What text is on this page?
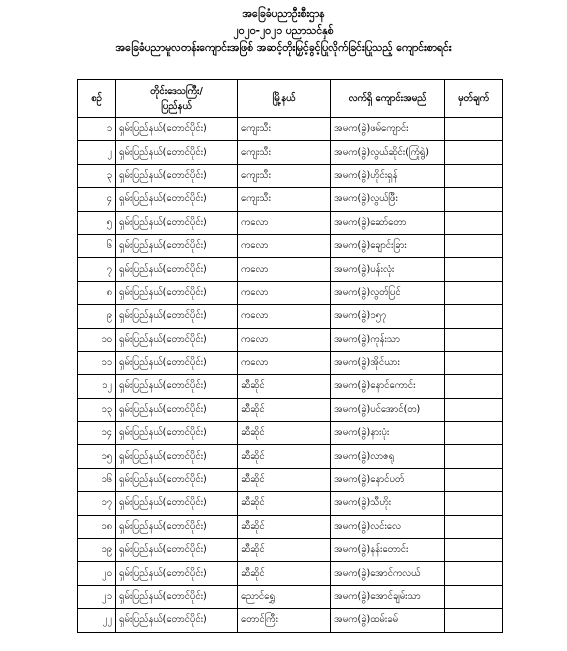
အခြေခံပညာဦးစီးဌာန
၂၀၂၀-၂၀၂၁ ပညာသင်နှစ်
အခြေခံပညာမူလတန်းကျောင်းအဖြစ် အဆင့်တိုးမြှင့်ခွင့်ပြုလိုက်ခြင်းပြုသည့် ကျောင်းစာရင်း
စဉ်	တိုင်းဒေသကြီး/
ပြည်နယ်	မြို့နယ်	လက်ရှိ ကျောင်းအမည်	မှတ်ချက်
၁	ရှမ်းပြည်နယ်(တောင်ပိုင်း)	ကျေးသီး	အမက(ခွဲ)ဖမ်ကျောင်း	
၂	ရှမ်းပြည်နယ်(တောင်ပိုင်း)	ကျေးသီး	အမက(ခွဲ)လွယ်ဆိုင်း(ကြုံရွဲ)	
၃	ရှမ်းပြည်နယ်(တောင်ပိုင်း)	ကျေးသီး	အမက(ခွဲ)ဟိုင်းရှန်	
၄	ရှမ်းပြည်နယ်(တောင်ပိုင်း)	ကျေးသီး	အမက(ခွဲ)လွယ်ဖြီး	
၅	ရှမ်းပြည်နယ်(တောင်ပိုင်း)	ကလော	အမက(ခွဲ)ဆော်တော	
၆	ရှမ်းပြည်နယ်(တောင်ပိုင်း)	ကလော	အမက(ခွဲ)ချောင်းခြား	
၇	ရှမ်းပြည်နယ်(တောင်ပိုင်း)	ကလော	အမက(ခွဲ)ပန်းလုံး	
၈	ရှမ်းပြည်နယ်(တောင်ပိုင်း)	ကလော	အမက(ခွဲ)လွတ်ပြင်	
၉	ရှမ်းပြည်နယ်(တောင်ပိုင်း)	ကလော	အမက(ခွဲ)၁၅၇	
၁၀	ရှမ်းပြည်နယ်(တောင်ပိုင်း)	ကလော	အမက(ခွဲ)ကုန်းသာ	
၁၁	ရှမ်းပြည်နယ်(တောင်ပိုင်း)	ကလော	အမက(ခွဲ)အိုင်ယား	
၁၂	ရှမ်းပြည်နယ်(တောင်ပိုင်း)	ဆီဆိုင်	အမက(ခွဲ)နောင်ကောင်း	
၁၃	ရှမ်းပြည်နယ်(တောင်ပိုင်း)	ဆီဆိုင်	အမက(ခွဲ)ပင်အောင်(တ)	
၁၄	ရှမ်းပြည်နယ်(တောင်ပိုင်း)	ဆီဆိုင်	အမက(ခွဲ)နားပုံး	
၁၅	ရှမ်းပြည်နယ်(တောင်ပိုင်း)	ဆီဆိုင်	အမက(ခွဲ)လာဇရု	
၁၆	ရှမ်းပြည်နယ်(တောင်ပိုင်း)	ဆီဆိုင်	အမက(ခွဲ)နောင်ပတ်	
၁၇	ရှမ်းပြည်နယ်(တောင်ပိုင်း)	ဆီဆိုင်	အမက(ခွဲ)သီဟိုး	
၁၈	ရှမ်းပြည်နယ်(တောင်ပိုင်း)	ဆီဆိုင်	အမက(ခွဲ)လင်းလေ	
၁၉	ရှမ်းပြည်နယ်(တောင်ပိုင်း)	ဆီဆိုင်	အမက(ခွဲ)နန်းတောင်း	
၂၀	ရှမ်းပြည်နယ်(တောင်ပိုင်း)	ဆီဆိုင်	အမက(ခွဲ)အောင်ကလယ်	
၂၁	ရှမ်းပြည်နယ်(တောင်ပိုင်း)	ညောင်ရွှေ	အမက(ခွဲ)အောင်ချမ်းသာ	
၂၂	ရှမ်းပြည်နယ်(တောင်ပိုင်း)	တောင်ကြီး	အမက(ခွဲ)ထမ်းခမ်	
